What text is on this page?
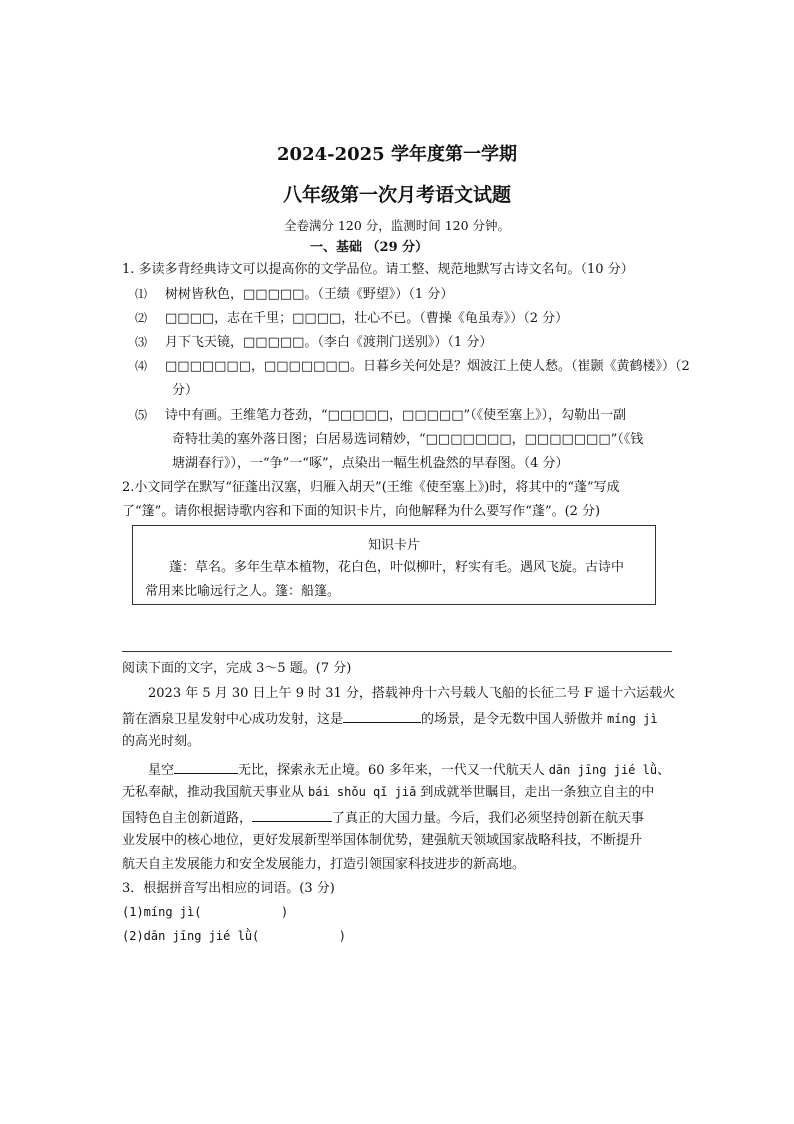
2024-2025 学年度第一学期
八年级第一次月考语文试题
全卷满分 120 分，监测时间 120 分钟。
一、基础 （29 分）
1. 多读多背经典诗文可以提高你的文学品位。请工整、规范地默写古诗文名句。（10 分）
⑴ 树树皆秋色，□□□□□。（王绩《野望》）（1 分）
⑵ □□□□，志在千里；□□□□，壮心不已。（曹操《龟虽寿》）（2 分）
⑶ 月下飞天镜，□□□□□。（李白《渡荆门送别》）（1 分）
⑷ □□□□□□□，□□□□□□□。日暮乡关何处是？烟波江上使人愁。（崔颢《黄鹤楼》）（2
分）
⑸ 诗中有画。王维笔力苍劲，“□□□□□，□□□□□”（《使至塞上》），勾勒出一副
奇特壮美的塞外落日图；白居易选词精妙，“□□□□□□□，□□□□□□□”（《钱
塘湖春行》），一“争”一“啄”，点染出一幅生机盎然的早春图。（4 分）
2.小文同学在默写“征蓬出汉塞，归雁入胡天”(王维《使至塞上》)时，将其中的“蓬”写成
了“篷”。请你根据诗歌内容和下面的知识卡片，向他解释为什么要写作“蓬”。(2 分)
知识卡片
蓬：草名。多年生草本植物，花白色，叶似柳叶，籽实有毛。遇风飞旋。古诗中
常用来比喻远行之人。篷：船篷。
阅读下面的文字，完成 3～5 题。(7 分)
2023 年 5 月 30 日上午 9 时 31 分，搭载神舟十六号载人飞船的长征二号 F 遥十六运载火
箭在酒泉卫星发射中心成功发射，这是	的场景，是令无数中国人骄傲并 míng jì
的高光时刻。
星空	无比，探索永无止境。60 多年来，一代又一代航天人 dān jīng jié lǜ、
无私奉献，推动我国航天事业从 bái shǒu qǐ jiā 到成就举世瞩目，走出一条独立自主的中
国特色自主创新道路，	了真正的大国力量。今后，我们必须坚持创新在航天事
业发展中的核心地位，更好发展新型举国体制优势，建强航天领域国家战略科技，不断提升
航天自主发展能力和安全发展能力，打造引领国家科技进步的新高地。
3．根据拼音写出相应的词语。(3 分)
(1)míng jì(           )
(2)dān jīng jié lǜ(           )
